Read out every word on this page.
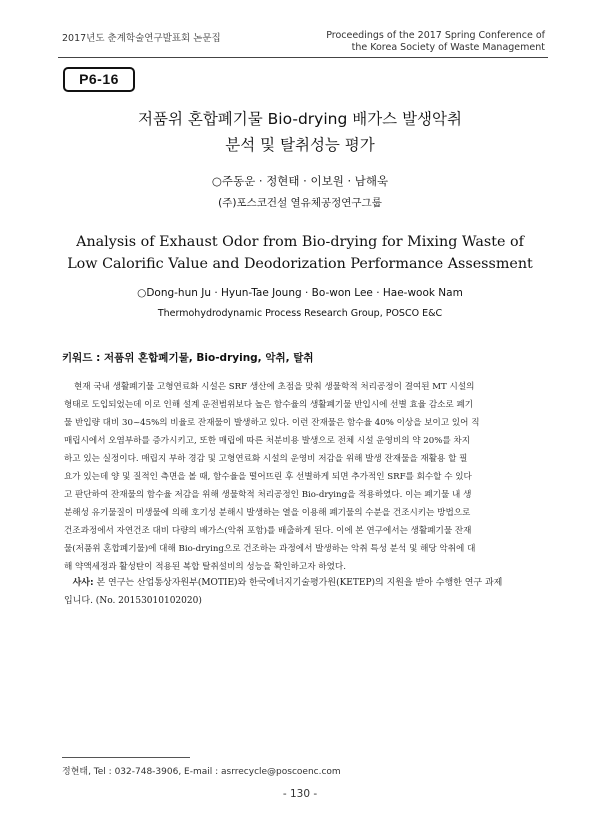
2017년도 춘계학술연구발표회 논문집	Proceedings of the 2017 Spring Conference of
the Korea Society of Waste Management
P6-16
저품위 혼합폐기물 Bio-drying 배가스 발생악취
분석 및 탈취성능 평가
○주동운 · 정현태 · 이보원 · 남해욱
(주)포스코건설 열유체공정연구그룹
Analysis of Exhaust Odor from Bio-drying for Mixing Waste of
Low Calorific Value and Deodorization Performance Assessment
○Dong-hun Ju · Hyun-Tae Joung · Bo-won Lee · Hae-wook Nam
Thermohydrodynamic Process Research Group, POSCO E&C
키워드 : 저품위 혼합폐기물, Bio-drying, 악취, 탈취
현재 국내 생활폐기물 고형연료화 시설은 SRF 생산에 초점을 맞춰 생물학적 처리공정이 결여된 MT 시설의
형태로 도입되었는데 이로 인해 설계 운전범위보다 높은 함수율의 생활폐기물 반입시에 선별 효율 감소로 폐기
물 반입량 대비 30~45%의 비율로 잔재물이 발생하고 있다. 이런 잔재물은 함수율 40% 이상을 보이고 있어 직
매립시에서 오염부하를 증가시키고, 또한 매립에 따른 처분비용 발생으로 전체 시설 운영비의 약 20%를 차지
하고 있는 실정이다. 매립지 부하 경감 및 고형연료화 시설의 운영비 저감을 위해 발생 잔재물을 재활용 할 필
요가 있는데 양 및 질적인 측면을 볼 때, 함수율을 떨어뜨린 후 선별하게 되면 추가적인 SRF를 회수할 수 있다
고 판단하여 잔재물의 함수율 저감을 위해 생물학적 처리공정인 Bio-drying을 적용하였다. 이는 폐기물 내 생
분해성 유기물질이 미생물에 의해 호기성 분해시 발생하는 열을 이용해 폐기물의 수분을 건조시키는 방법으로
건조과정에서 자연건조 대비 다량의 배가스(악취 포함)를 배출하게 된다. 이에 본 연구에서는 생활폐기물 잔재
물(저품위 혼합폐기물)에 대해 Bio-drying으로 건조하는 과정에서 발생하는 악취 특성 분석 및 해당 악취에 대
해 약액세정과 활성탄이 적용된 복합 탈취설비의 성능을 확인하고자 하였다.
사사: 본 연구는 산업통상자원부(MOTIE)와 한국에너지기술평가원(KETEP)의 지원을 받아 수행한 연구 과제
입니다. (No. 20153010102020)
정현태, Tel : 032-748-3906, E-mail : asrrecycle@poscoenc.com
- 130 -
